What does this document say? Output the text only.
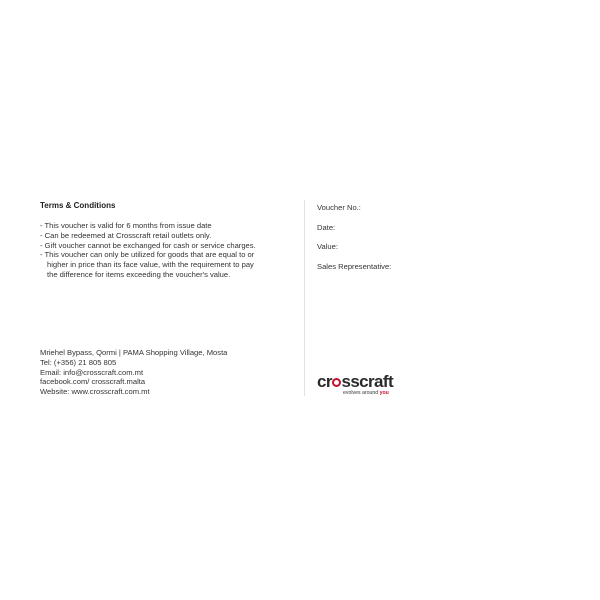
Terms & Conditions
- This voucher is valid for 6 months from issue date
- Can be redeemed at Crosscraft retail outlets only.
- Gift voucher cannot be exchanged for cash or service charges.
- This voucher can only be utilized for goods that are equal to or
higher in price than its face value, with the requirement to pay
the difference for items exceeding the voucher's value.
Mriehel Bypass, Qormi | PAMA Shopping Village, Mosta
Tel: (+356) 21 805 805
Email: info@crosscraft.com.mt
facebook.com/ crosscraft.malta
Website: www.crosscraft.com.mt
Voucher No.:
Date:
Value:
Sales Representative:
cr sscraft
evolves around you
